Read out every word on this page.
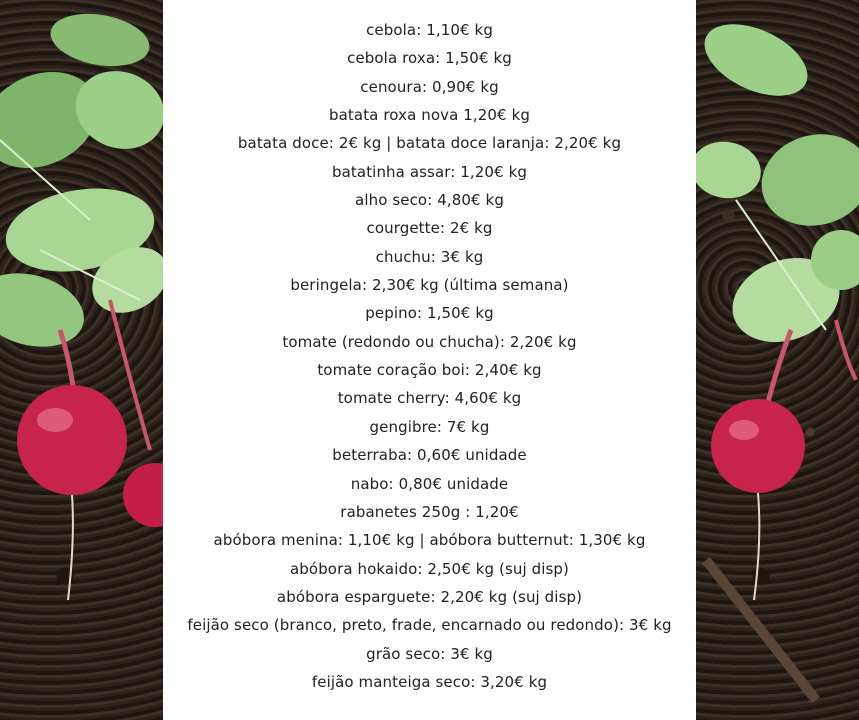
cebola: 1,10€ kg
cebola roxa: 1,50€ kg
cenoura: 0,90€ kg
batata roxa nova 1,20€ kg
batata doce: 2€ kg | batata doce laranja: 2,20€ kg
batatinha assar: 1,20€ kg
alho seco: 4,80€ kg
courgette: 2€ kg
chuchu: 3€ kg
beringela: 2,30€ kg (última semana)
pepino: 1,50€ kg
tomate (redondo ou chucha): 2,20€ kg
tomate coração boi: 2,40€ kg
tomate cherry: 4,60€ kg
gengibre: 7€ kg
beterraba: 0,60€ unidade
nabo: 0,80€ unidade
rabanetes 250g : 1,20€
abóbora menina: 1,10€ kg | abóbora butternut: 1,30€ kg
abóbora hokaido: 2,50€ kg (suj disp)
abóbora esparguete: 2,20€ kg (suj disp)
feijão seco (branco, preto, frade, encarnado ou redondo): 3€ kg
grão seco: 3€ kg
feijão manteiga seco: 3,20€ kg
